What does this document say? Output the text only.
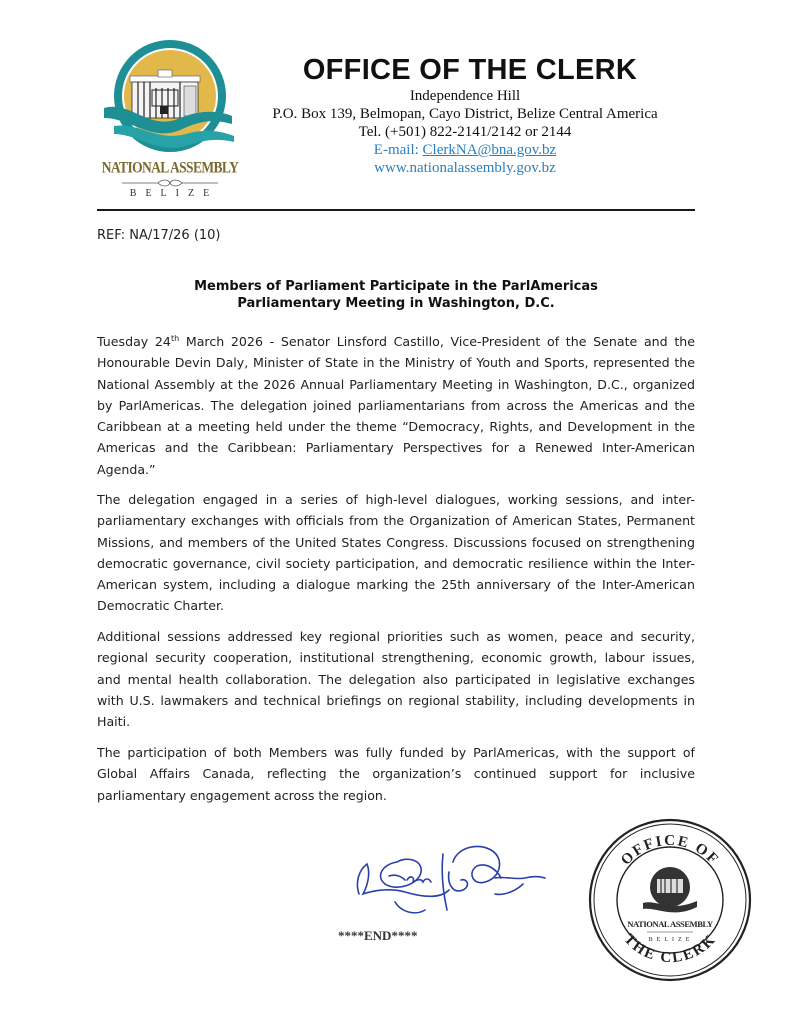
NATIONAL ASSEMBLY
BELIZE
OFFICE OF THE CLERK
Independence Hill
P.O. Box 139, Belmopan, Cayo District, Belize Central America
Tel. (+501) 822-2141/2142 or 2144
E-mail: ClerkNA@bna.gov.bz
www.nationalassembly.gov.bz
REF: NA/17/26 (10)
Members of Parliament Participate in the ParlAmericas
Parliamentary Meeting in Washington, D.C.

Tuesday 24th March 2026 - Senator Linsford Castillo, Vice-President of the Senate and the Honourable Devin Daly, Minister of State in the Ministry of Youth and Sports, represented the National Assembly at the 2026 Annual Parliamentary Meeting in Washington, D.C., organized by ParlAmericas. The delegation joined parliamentarians from across the Americas and the Caribbean at a meeting held under the theme “Democracy, Rights, and Development in the Americas and the Caribbean: Parliamentary Perspectives for a Renewed Inter-American Agenda.”

The delegation engaged in a series of high-level dialogues, working sessions, and inter-parliamentary exchanges with officials from the Organization of American States, Permanent Missions, and members of the United States Congress. Discussions focused on strengthening democratic governance, civil society participation, and democratic resilience within the Inter-American system, including a dialogue marking the 25th anniversary of the Inter-American Democratic Charter.

Additional sessions addressed key regional priorities such as women, peace and security, regional security cooperation, institutional strengthening, economic growth, labour issues, and mental health collaboration. The delegation also participated in legislative exchanges with U.S. lawmakers and technical briefings on regional stability, including developments in Haiti.

The participation of both Members was fully funded by ParlAmericas, with the support of Global Affairs Canada, reflecting the organization’s continued support for inclusive parliamentary engagement across the region.

****END****
OFFICE OF
THE CLERK
NATIONAL ASSEMBLY
BELIZE
